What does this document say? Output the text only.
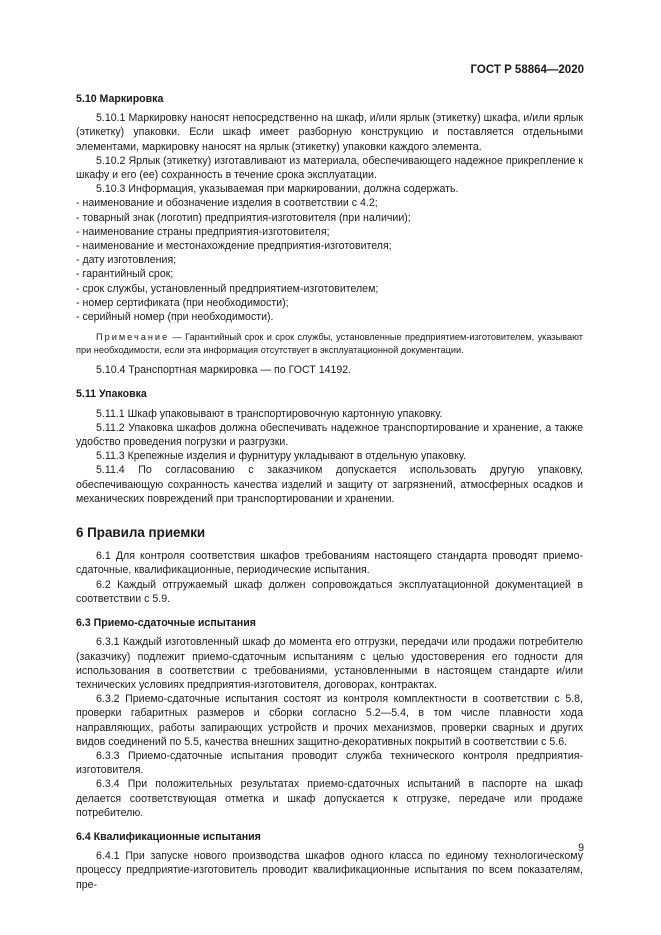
ГОСТ Р 58864—2020

5.10 Маркировка

5.10.1 Маркировку наносят непосредственно на шкаф, и/или ярлык (этикетку) шкафа, и/или ярлык (этикетку) упаковки. Если шкаф имеет разборную конструкцию и поставляется отдельными элементами, маркировку наносят на ярлык (этикетку) упаковки каждого элемента.

5.10.2 Ярлык (этикетку) изготавливают из материала, обеспечивающего надежное прикрепление к шкафу и его (ее) сохранность в течение срока эксплуатации.

5.10.3 Информация, указываемая при маркировании, должна содержать.

- наименование и обозначение изделия в соответствии с 4.2;
- товарный знак (логотип) предприятия-изготовителя (при наличии);
- наименование страны предприятия-изготовителя;
- наименование и местонахождение предприятия-изготовителя;
- дату изготовления;
- гарантийный срок;
- срок службы, установленный предприятием-изготовителем;
- номер сертификата (при необходимости);
- серийный номер (при необходимости).

Примечание — Гарантийный срок и срок службы, установленные предприятием-изготовителем, указывают при необходимости, если эта информация отсутствует в эксплуатационной документации.

5.10.4 Транспортная маркировка — по ГОСТ 14192.

5.11 Упаковка

5.11.1 Шкаф упаковывают в транспортировочную картонную упаковку.

5.11.2 Упаковка шкафов должна обеспечивать надежное транспортирование и хранение, а также удобство проведения погрузки и разгрузки.

5.11.3 Крепежные изделия и фурнитуру укладывают в отдельную упаковку.

5.11.4 По согласованию с заказчиком допускается использовать другую упаковку, обеспечивающую сохранность качества изделий и защиту от загрязнений, атмосферных осадков и механических повреждений при транспортировании и хранении.

6 Правила приемки

6.1 Для контроля соответствия шкафов требованиям настоящего стандарта проводят приемо-сдаточные, квалификационные, периодические испытания.

6.2 Каждый отгружаемый шкаф должен сопровождаться эксплуатационной документацией в соответствии с 5.9.

6.3 Приемо-сдаточные испытания

6.3.1 Каждый изготовленный шкаф до момента его отгрузки, передачи или продажи потребителю (заказчику) подлежит приемо-сдаточным испытаниям с целью удостоверения его годности для использования в соответствии с требованиями, установленными в настоящем стандарте и/или технических условиях предприятия-изготовителя, договорах, контрактах.

6.3.2 Приемо-сдаточные испытания состоят из контроля комплектности в соответствии с 5.8, проверки габаритных размеров и сборки согласно 5.2—5.4, в том числе плавности хода направляющих, работы запирающих устройств и прочих механизмов, проверки сварных и других видов соединений по 5.5, качества внешних защитно-декоративных покрытий в соответствии с 5.6.

6.3.3 Приемо-сдаточные испытания проводит служба технического контроля предприятия-изготовителя.

6.3.4 При положительных результатах приемо-сдаточных испытаний в паспорте на шкаф делается соответствующая отметка и шкаф допускается к отгрузке, передаче или продаже потребителю.

6.4 Квалификационные испытания

6.4.1 При запуске нового производства шкафов одного класса по единому технологическому процессу предприятие-изготовитель проводит квалификационные испытания по всем показателям, пре-

9
